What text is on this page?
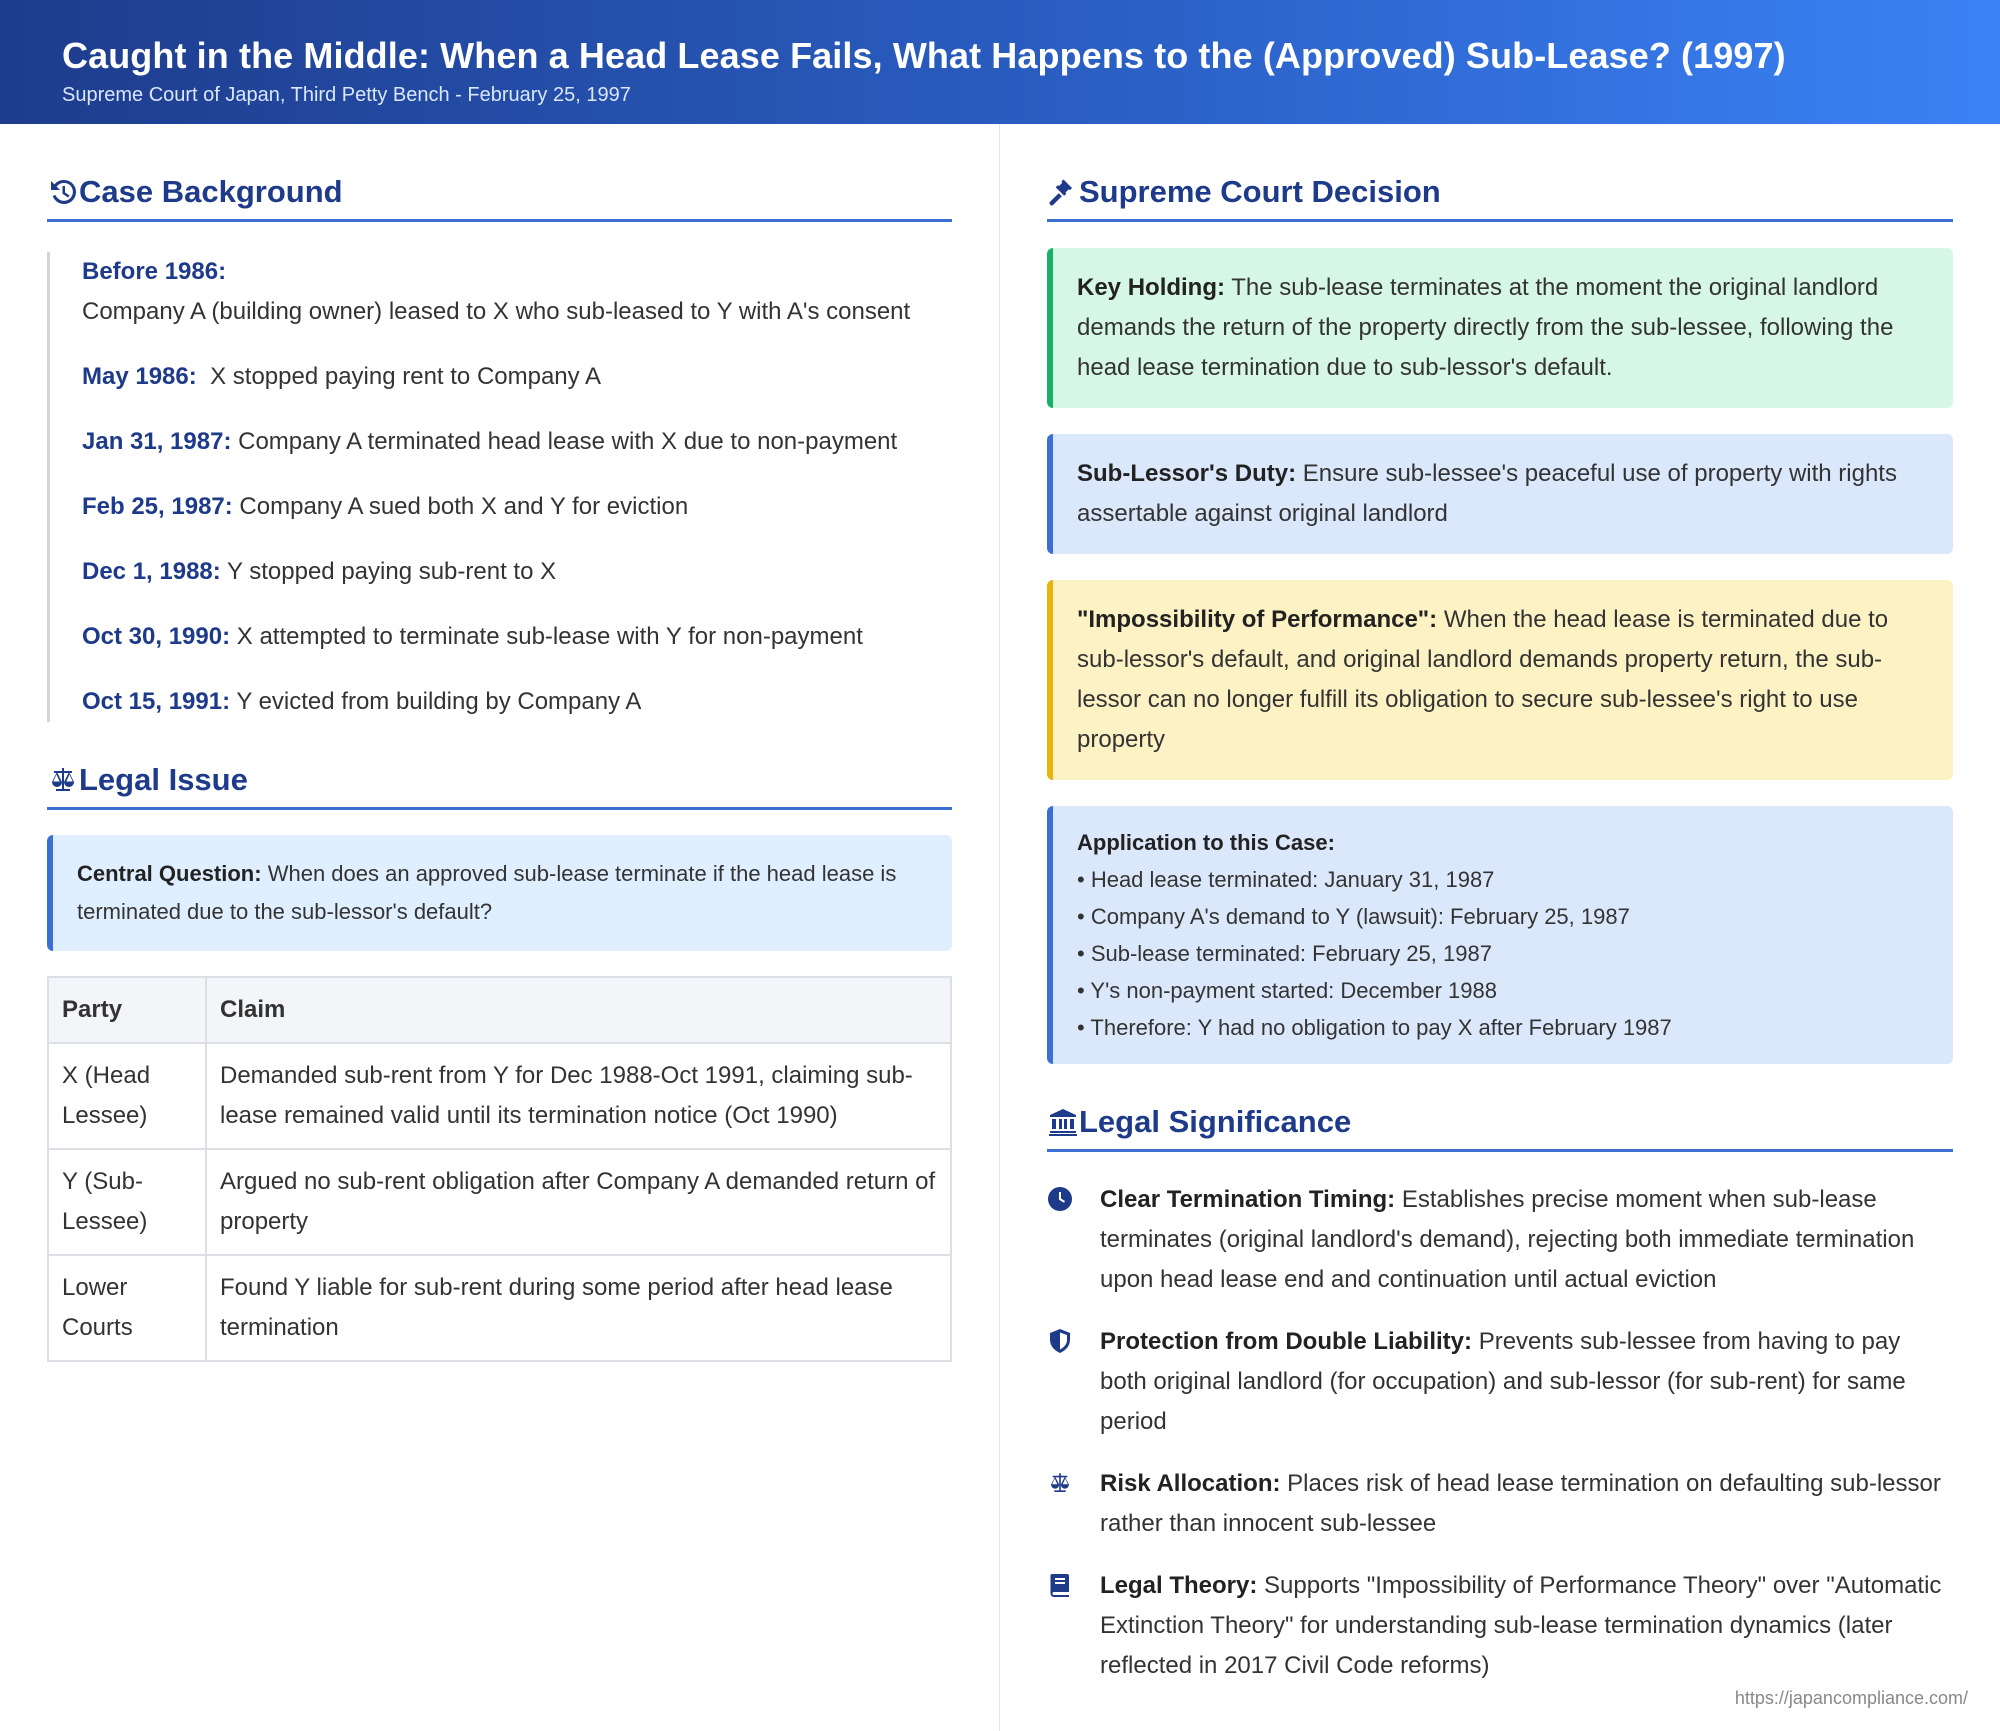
Caught in the Middle: When a Head Lease Fails, What Happens to the (Approved) Sub-Lease? (1997)
Supreme Court of Japan, Third Petty Bench - February 25, 1997
Case Background
Before 1986:
Company A (building owner) leased to X who sub-leased to Y with A's consent
May 1986: X stopped paying rent to Company A
Jan 31, 1987: Company A terminated head lease with X due to non-payment
Feb 25, 1987: Company A sued both X and Y for eviction
Dec 1, 1988: Y stopped paying sub-rent to X
Oct 30, 1990: X attempted to terminate sub-lease with Y for non-payment
Oct 15, 1991: Y evicted from building by Company A
Legal Issue
Central Question: When does an approved sub-lease terminate if the head lease is terminated due to the sub-lessor's default?
Party	Claim
X (Head Lessee)	Demanded sub-rent from Y for Dec 1988-Oct 1991, claiming sub-lease remained valid until its termination notice (Oct 1990)
Y (Sub-Lessee)	Argued no sub-rent obligation after Company A demanded return of property
Lower Courts	Found Y liable for sub-rent during some period after head lease termination
Supreme Court Decision
Key Holding: The sub-lease terminates at the moment the original landlord demands the return of the property directly from the sub-lessee, following the head lease termination due to sub-lessor's default.
Sub-Lessor's Duty: Ensure sub-lessee's peaceful use of property with rights assertable against original landlord
"Impossibility of Performance": When the head lease is terminated due to sub-lessor's default, and original landlord demands property return, the sub-lessor can no longer fulfill its obligation to secure sub-lessee's right to use property
Application to this Case:
• Head lease terminated: January 31, 1987
• Company A's demand to Y (lawsuit): February 25, 1987
• Sub-lease terminated: February 25, 1987
• Y's non-payment started: December 1988
• Therefore: Y had no obligation to pay X after February 1987
Legal Significance
Clear Termination Timing: Establishes precise moment when sub-lease terminates (original landlord's demand), rejecting both immediate termination upon head lease end and continuation until actual eviction
Protection from Double Liability: Prevents sub-lessee from having to pay both original landlord (for occupation) and sub-lessor (for sub-rent) for same period
Risk Allocation: Places risk of head lease termination on defaulting sub-lessor rather than innocent sub-lessee
Legal Theory: Supports "Impossibility of Performance Theory" over "Automatic Extinction Theory" for understanding sub-lease termination dynamics (later reflected in 2017 Civil Code reforms)
https://japancompliance.com/
